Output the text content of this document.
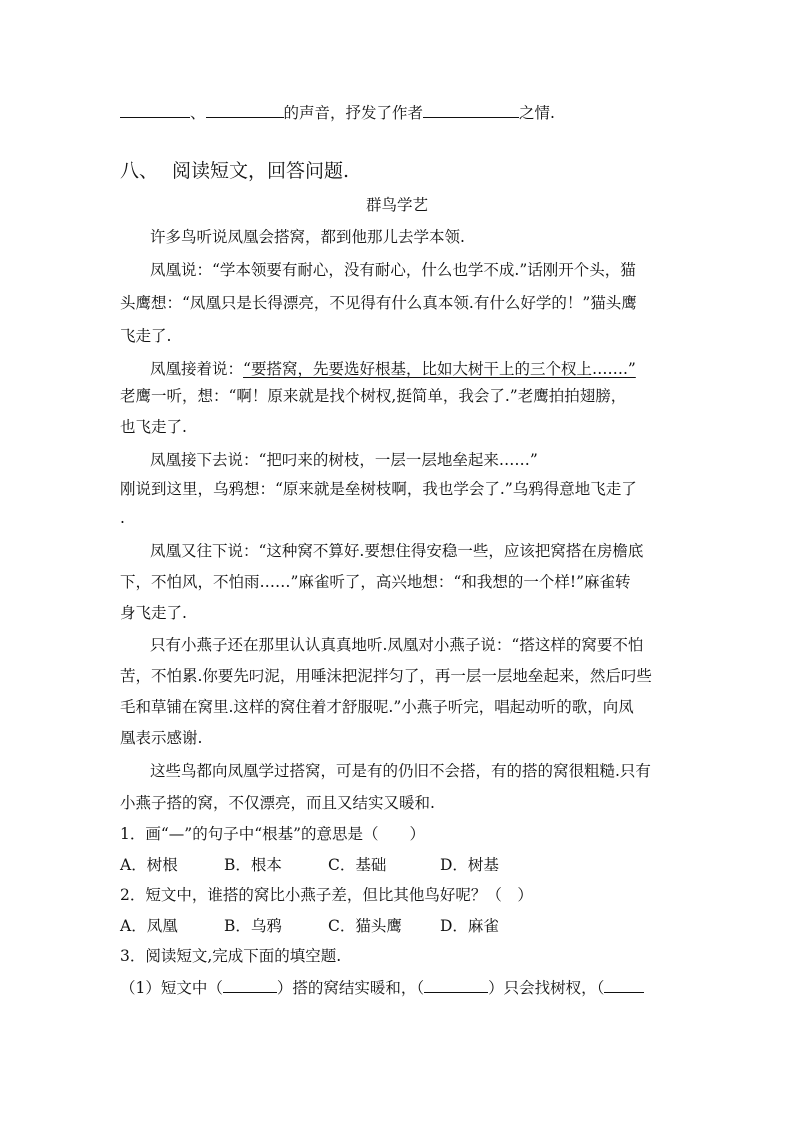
、	的声音，抒发了作者	之情.
八、 阅读短文，回答问题.
群鸟学艺
许多鸟听说凤凰会搭窝，都到他那儿去学本领.
凤凰说：“学本领要有耐心，没有耐心，什么也学不成.”话刚开个头，猫
头鹰想：“凤凰只是长得漂亮，不见得有什么真本领.有什么好学的！”猫头鹰
飞走了.
凤凰接着说：“要搭窝，先要选好根基，比如大树干上的三个杈上…….”
老鹰一听，想：“啊！原来就是找个树杈,挺简单，我会了.”老鹰拍拍翅膀，
也飞走了.
凤凰接下去说：“把叼来的树枝，一层一层地垒起来……”
刚说到这里，乌鸦想：“原来就是垒树枝啊，我也学会了.”乌鸦得意地飞走了
.
凤凰又往下说：“这种窝不算好.要想住得安稳一些，应该把窝搭在房檐底
下，不怕风，不怕雨……”麻雀听了，高兴地想：“和我想的一个样!”麻雀转
身飞走了.
只有小燕子还在那里认认真真地听.凤凰对小燕子说：“搭这样的窝要不怕
苦，不怕累.你要先叼泥，用唾沫把泥拌匀了，再一层一层地垒起来，然后叼些
毛和草铺在窝里.这样的窝住着才舒服呢.”小燕子听完，唱起动听的歌，向凤
凰表示感谢.
这些鸟都向凤凰学过搭窝，可是有的仍旧不会搭，有的搭的窝很粗糙.只有
小燕子搭的窝，不仅漂亮，而且又结实又暖和.
1．画“—”的句子中“根基”的意思是（　　）
A．树根	B．根本	C．基础	D．树基
2．短文中，谁搭的窝比小燕子差，但比其他鸟好呢？（　）
A．凤凰	B．乌鸦	C．猫头鹰 D．麻雀
3．阅读短文,完成下面的填空题.
（1）短文中（	）搭的窝结实暖和，（	）只会找树杈，（
